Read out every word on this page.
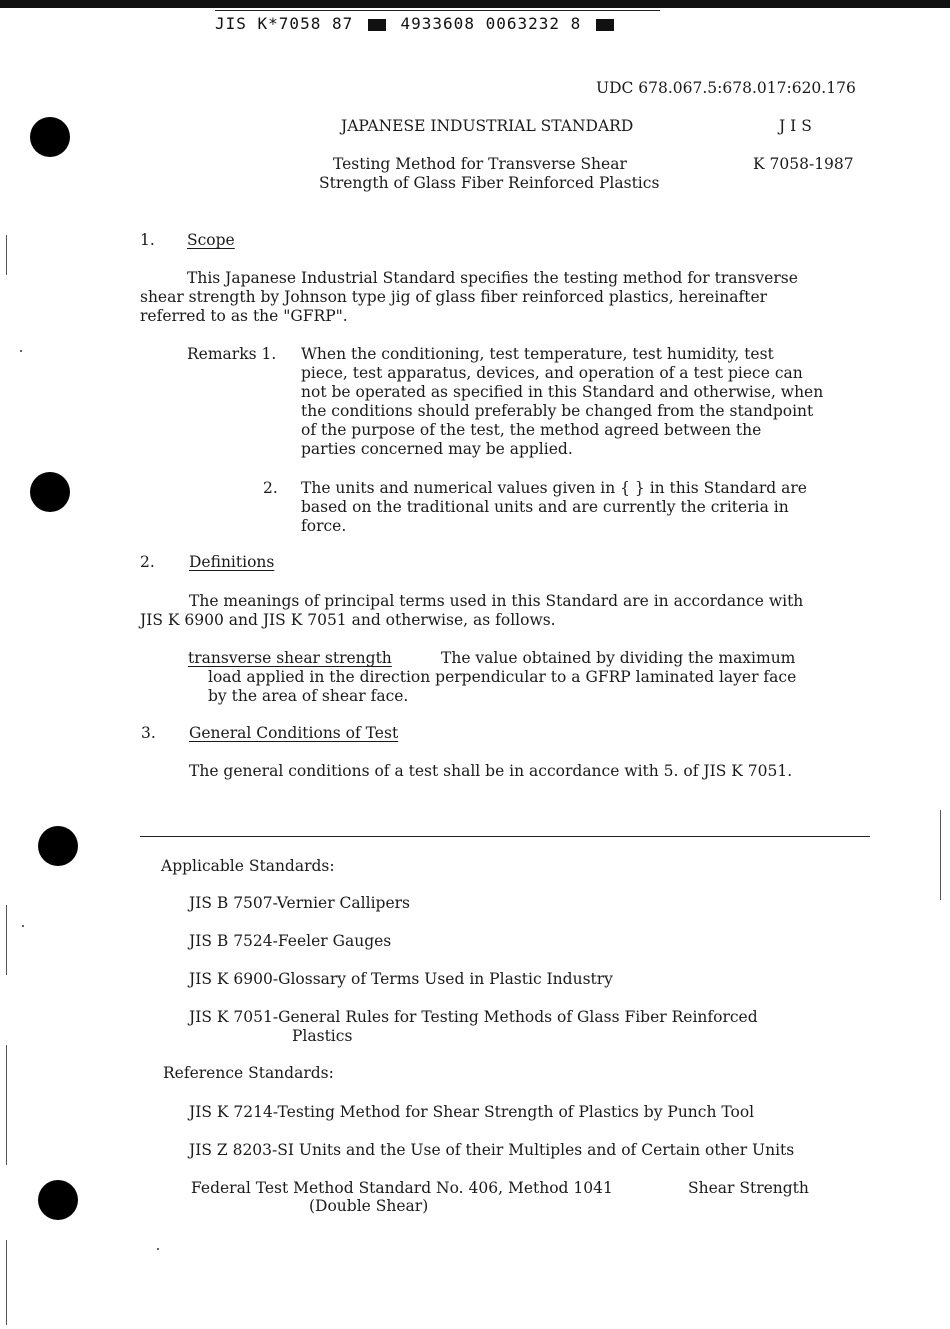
JIS K*7058 87	4933608 0063232 8
UDC 678.067.5:678.017:620.176
JAPANESE INDUSTRIAL STANDARD	J I S
Testing Method for Transverse Shear
Strength of Glass Fiber Reinforced Plastics
K 7058-1987
1. Scope
This Japanese Industrial Standard specifies the testing method for transverse
shear strength by Johnson type jig of glass fiber reinforced plastics, hereinafter
referred to as the "GFRP".
Remarks 1. When the conditioning, test temperature, test humidity, test
piece, test apparatus, devices, and operation of a test piece can
not be operated as specified in this Standard and otherwise, when
the conditions should preferably be changed from the standpoint
of the purpose of the test, the method agreed between the
parties concerned may be applied.
2. The units and numerical values given in { } in this Standard are
based on the traditional units and are currently the criteria in
force.
2. Definitions
The meanings of principal terms used in this Standard are in accordance with
JIS K 6900 and JIS K 7051 and otherwise, as follows.
transverse shear strength	The value obtained by dividing the maximum
load applied in the direction perpendicular to a GFRP laminated layer face
by the area of shear face.
3. General Conditions of Test
The general conditions of a test shall be in accordance with 5. of JIS K 7051.
Applicable Standards:
JIS B 7507-Vernier Callipers
JIS B 7524-Feeler Gauges
JIS K 6900-Glossary of Terms Used in Plastic Industry
JIS K 7051-General Rules for Testing Methods of Glass Fiber Reinforced
Plastics
Reference Standards:
JIS K 7214-Testing Method for Shear Strength of Plastics by Punch Tool
JIS Z 8203-SI Units and the Use of their Multiples and of Certain other Units
Federal Test Method Standard No. 406, Method 1041	Shear Strength
(Double Shear)
